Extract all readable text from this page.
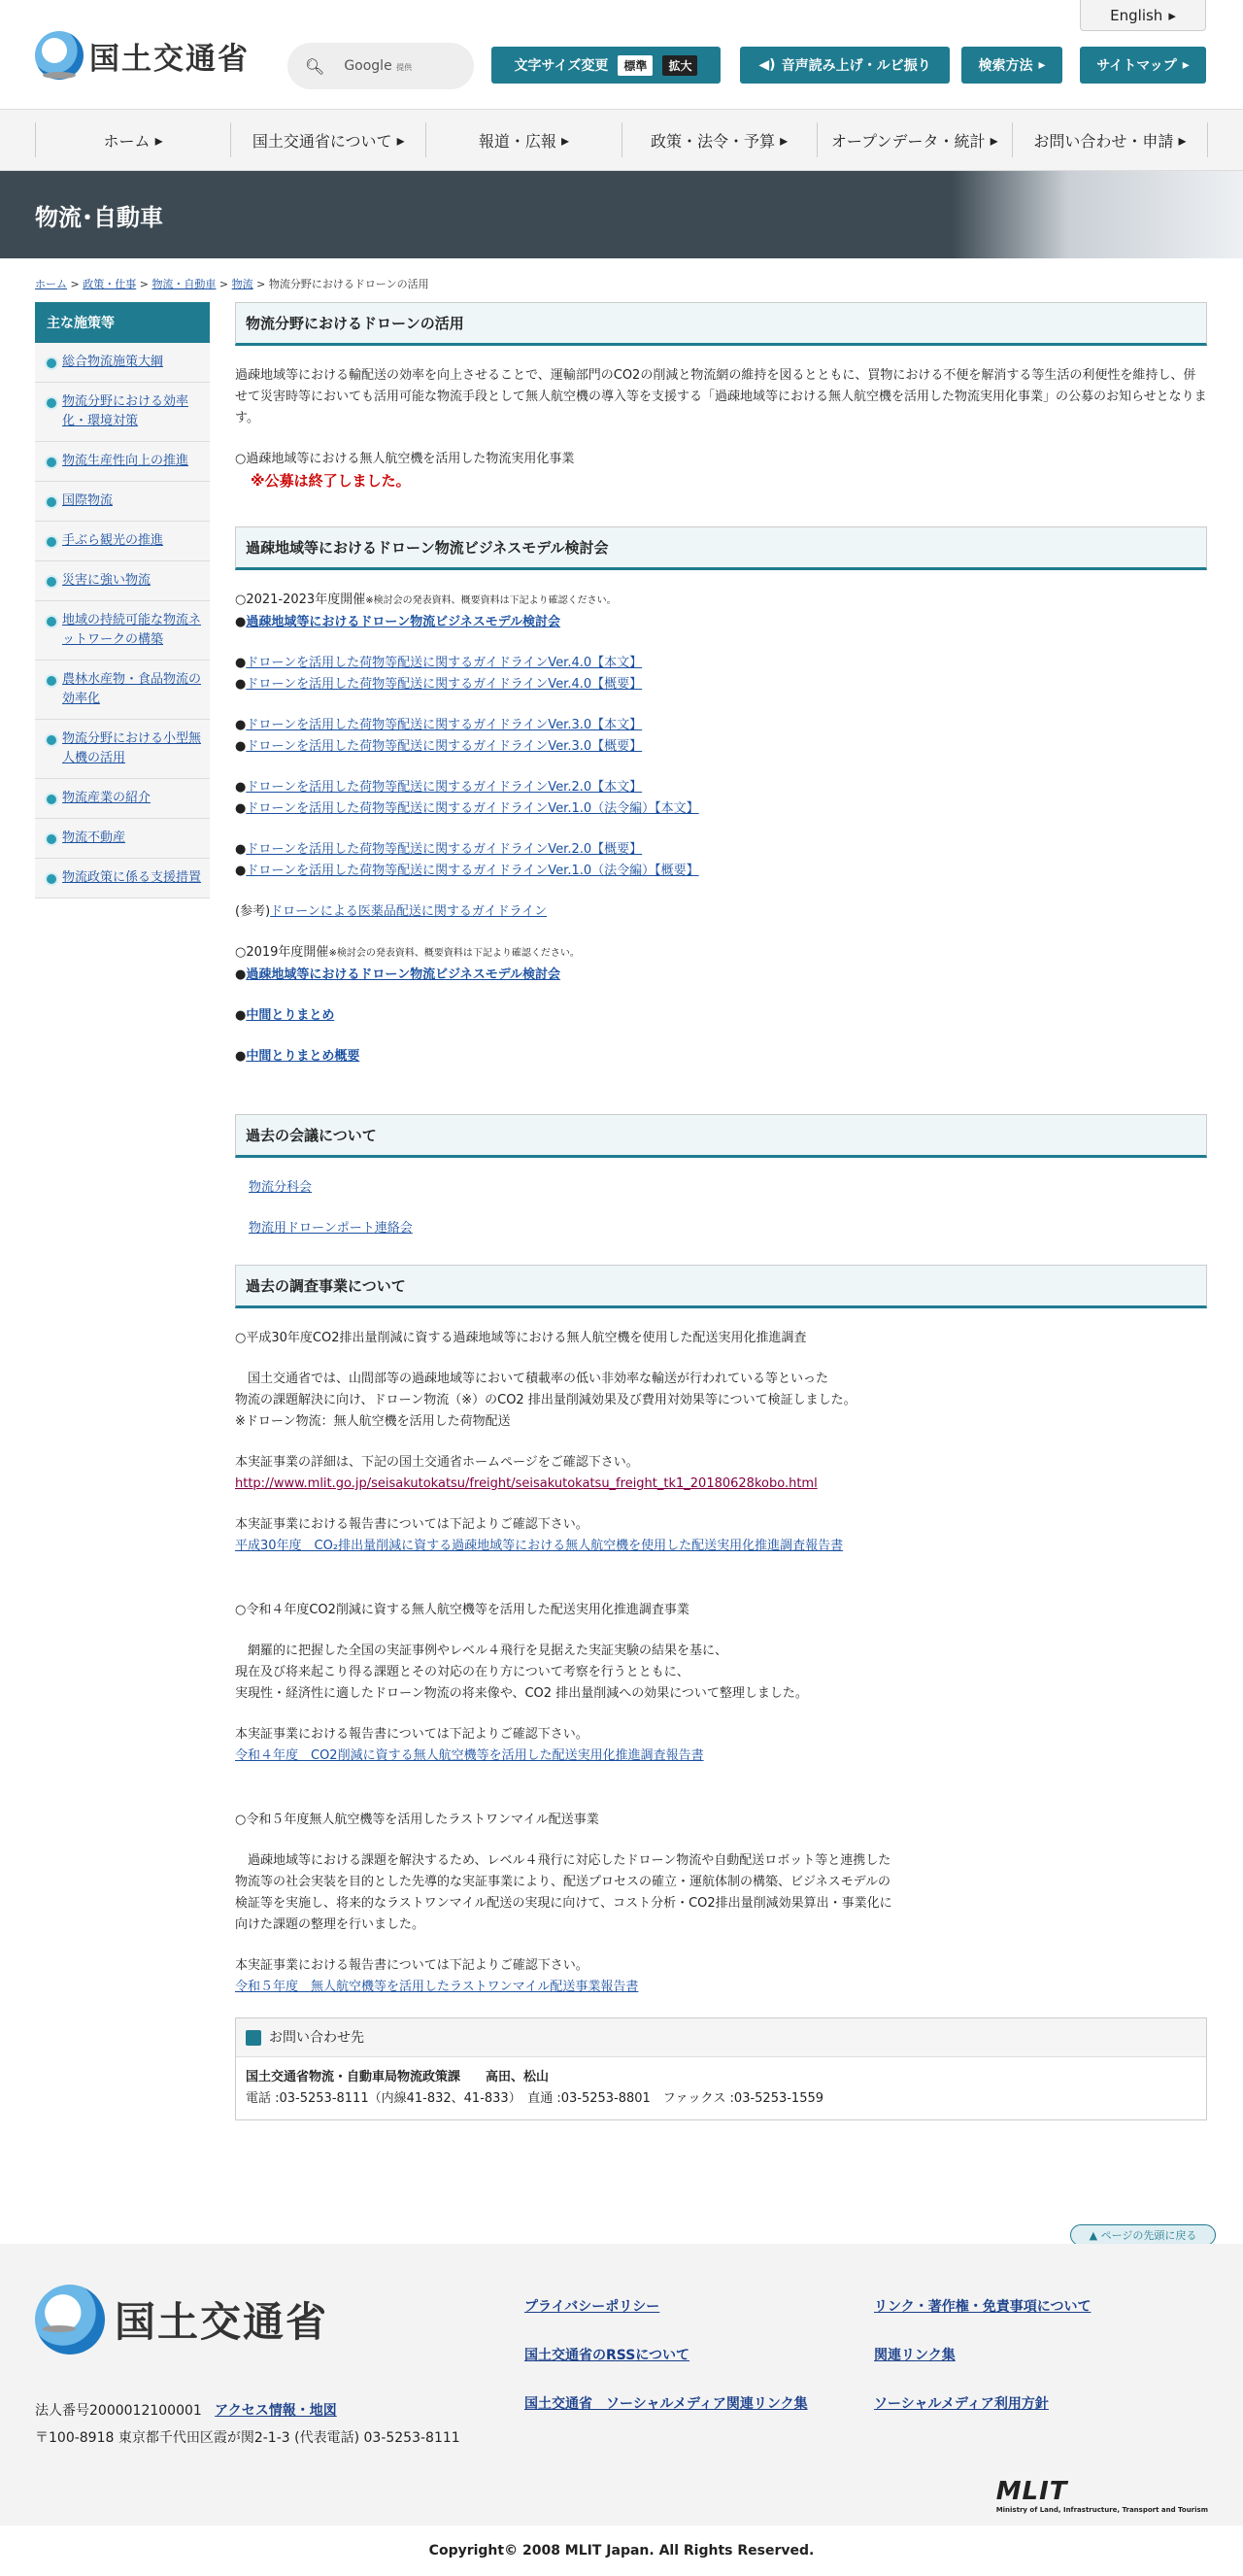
国土交通省
English ▸
🔍︎ Google 提供	文字サイズ変更	標準	拡大	◀) 音声読み上げ・ルビ振り	検索方法 ▸	サイトマップ ▸
ホーム ▸	国土交通省について ▸	報道・広報 ▸	政策・法令・予算 ▸	オープンデータ・統計 ▸	お問い合わせ・申請 ▸
物流･自動車
ホーム > 政策・仕事 > 物流・自動車 > 物流 > 物流分野におけるドローンの活用
主な施策等
総合物流施策大綱
物流分野における効率化・環境対策
物流生産性向上の推進
国際物流
手ぶら観光の推進
災害に強い物流
地域の持続可能な物流ネットワークの構築
農林水産物・食品物流の効率化
物流分野における小型無人機の活用
物流産業の紹介
物流不動産
物流政策に係る支援措置
物流分野におけるドローンの活用

過疎地域等における輸配送の効率を向上させることで、運輸部門のCO2の削減と物流網の維持を図るとともに、買物における不便を解消する等生活の利便性を維持し、併せて災害時等においても活用可能な物流手段として無人航空機の導入等を支援する「過疎地域等における無人航空機を活用した物流実用化事業」の公募のお知らせとなります。

○過疎地域等における無人航空機を活用した物流実用化事業

※公募は終了しました。

過疎地域等におけるドローン物流ビジネスモデル検討会

○2021-2023年度開催※検討会の発表資料、概要資料は下記より確認ください。
●過疎地域等におけるドローン物流ビジネスモデル検討会

●ドローンを活用した荷物等配送に関するガイドラインVer.4.0【本文】
●ドローンを活用した荷物等配送に関するガイドラインVer.4.0【概要】

●ドローンを活用した荷物等配送に関するガイドラインVer.3.0【本文】
●ドローンを活用した荷物等配送に関するガイドラインVer.3.0【概要】

●ドローンを活用した荷物等配送に関するガイドラインVer.2.0【本文】
●ドローンを活用した荷物等配送に関するガイドラインVer.1.0（法令編）【本文】

●ドローンを活用した荷物等配送に関するガイドラインVer.2.0【概要】
●ドローンを活用した荷物等配送に関するガイドラインVer.1.0（法令編）【概要】

(参考)ドローンによる医薬品配送に関するガイドライン

○2019年度開催※検討会の発表資料、概要資料は下記より確認ください。
●過疎地域等におけるドローン物流ビジネスモデル検討会

●中間とりまとめ

●中間とりまとめ概要

過去の会議について

物流分科会

物流用ドローンポート連絡会

過去の調査事業について

○平成30年度CO2排出量削減に資する過疎地域等における無人航空機を使用した配送実用化推進調査

　国土交通省では、山間部等の過疎地域等において積載率の低い非効率な輸送が行われている等といった
物流の課題解決に向け、ドローン物流（※）のCO2 排出量削減効果及び費用対効果等について検証しました。
※ドローン物流：無人航空機を活用した荷物配送

本実証事業の詳細は、下記の国土交通省ホームページをご確認下さい。
http://www.mlit.go.jp/seisakutokatsu/freight/seisakutokatsu_freight_tk1_20180628kobo.html

本実証事業における報告書については下記よりご確認下さい。
平成30年度　CO₂排出量削減に資する過疎地域等における無人航空機を使用した配送実用化推進調査報告書

○令和４年度CO2削減に資する無人航空機等を活用した配送実用化推進調査事業

　網羅的に把握した全国の実証事例やレベル４飛行を見据えた実証実験の結果を基に、
現在及び将来起こり得る課題とその対応の在り方について考察を行うとともに、
実現性・経済性に適したドローン物流の将来像や、CO2 排出量削減への効果について整理しました。

本実証事業における報告書については下記よりご確認下さい。
令和４年度　CO2削減に資する無人航空機等を活用した配送実用化推進調査報告書

○令和５年度無人航空機等を活用したラストワンマイル配送事業

　過疎地域等における課題を解決するため、レベル４飛行に対応したドローン物流や自動配送ロボット等と連携した
物流等の社会実装を目的とした先導的な実証事業により、配送プロセスの確立・運航体制の構築、ビジネスモデルの
検証等を実施し、将来的なラストワンマイル配送の実現に向けて、コスト分析・CO2排出量削減効果算出・事業化に
向けた課題の整理を行いました。

本実証事業における報告書については下記よりご確認下さい。
令和５年度　無人航空機等を活用したラストワンマイル配送事業報告書

お問い合わせ先
国土交通省物流・自動車局物流政策課　　高田、松山
電話 :03-5253-8111（内線41-832、41-833）　直通 :03-5253-8801　ファックス :03-5253-1559
▲
ページの先頭に戻る
国土交通省
法人番号2000012100001 アクセス情報・地図
〒100-8918 東京都千代田区霞が関2-1-3 (代表電話) 03-5253-8111
プライバシーポリシー	リンク・著作権・免責事項について
国土交通省のRSSについて	関連リンク集
国土交通省　ソーシャルメディア関連リンク集	ソーシャルメディア利用方針
MLIT
Ministry of Land, Infrastructure, Transport and Tourism
Copyright© 2008 MLIT Japan. All Rights Reserved.
